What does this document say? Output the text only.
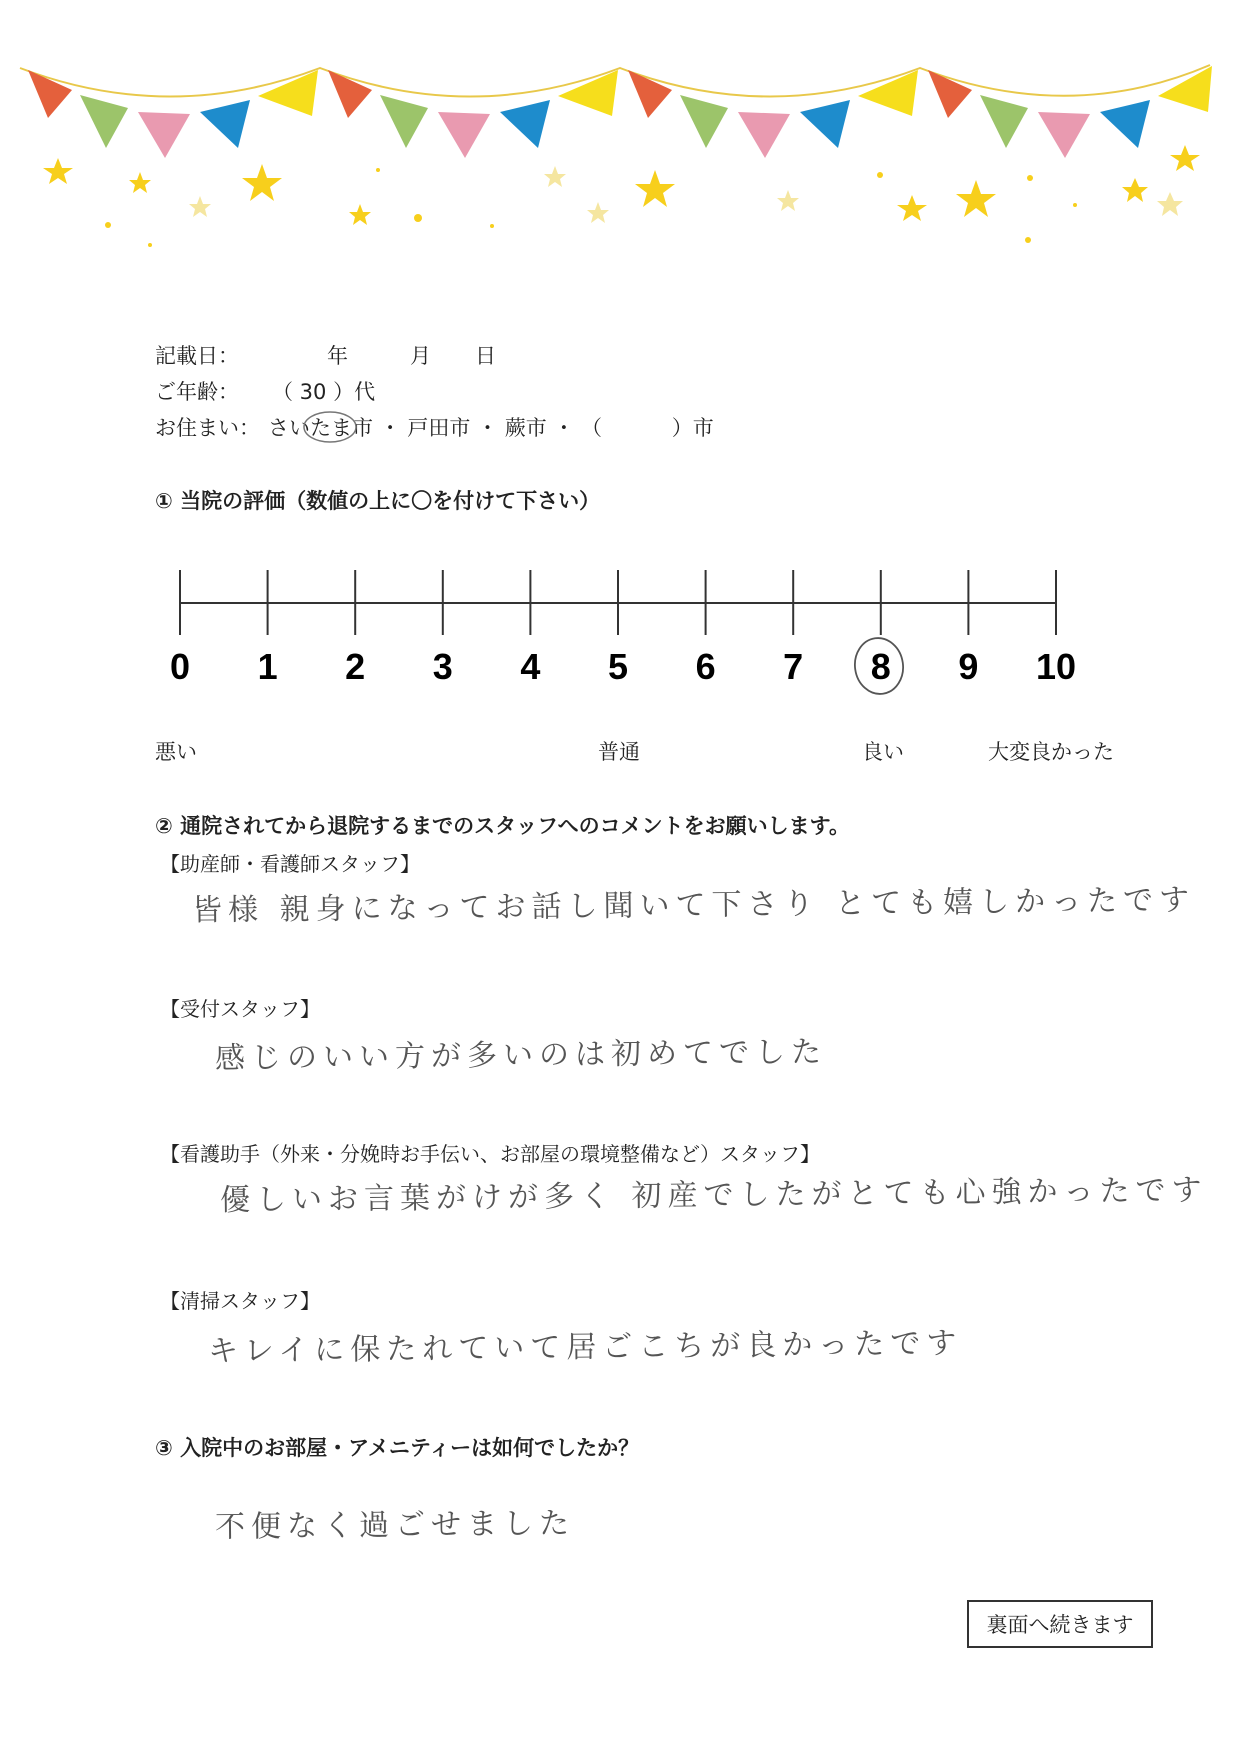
記載日：	年	月 日
ご年齢： （ 30 ）代
お住まい： さいたま市 ・ 戸田市 ・ 蕨市 ・ （　　　 ）市
① 当院の評価（数値の上に〇を付けて下さい）
0 1 2 3 4 5 6 7 8 9 10
悪い	普通	良い	大変良かった
② 通院されてから退院するまでのスタッフへのコメントをお願いします。
【助産師・看護師スタッフ】
皆様 親身になってお話し聞いて下さり とても嬉しかったです
【受付スタッフ】
感じのいい方が多いのは初めてでした
【看護助手（外来・分娩時お手伝い、お部屋の環境整備など）スタッフ】
優しいお言葉がけが多く 初産でしたがとても心強かったです
【清掃スタッフ】
キレイに保たれていて居ごこちが良かったです
③ 入院中のお部屋・アメニティーは如何でしたか？
不便なく過ごせました
裏面へ続きます
